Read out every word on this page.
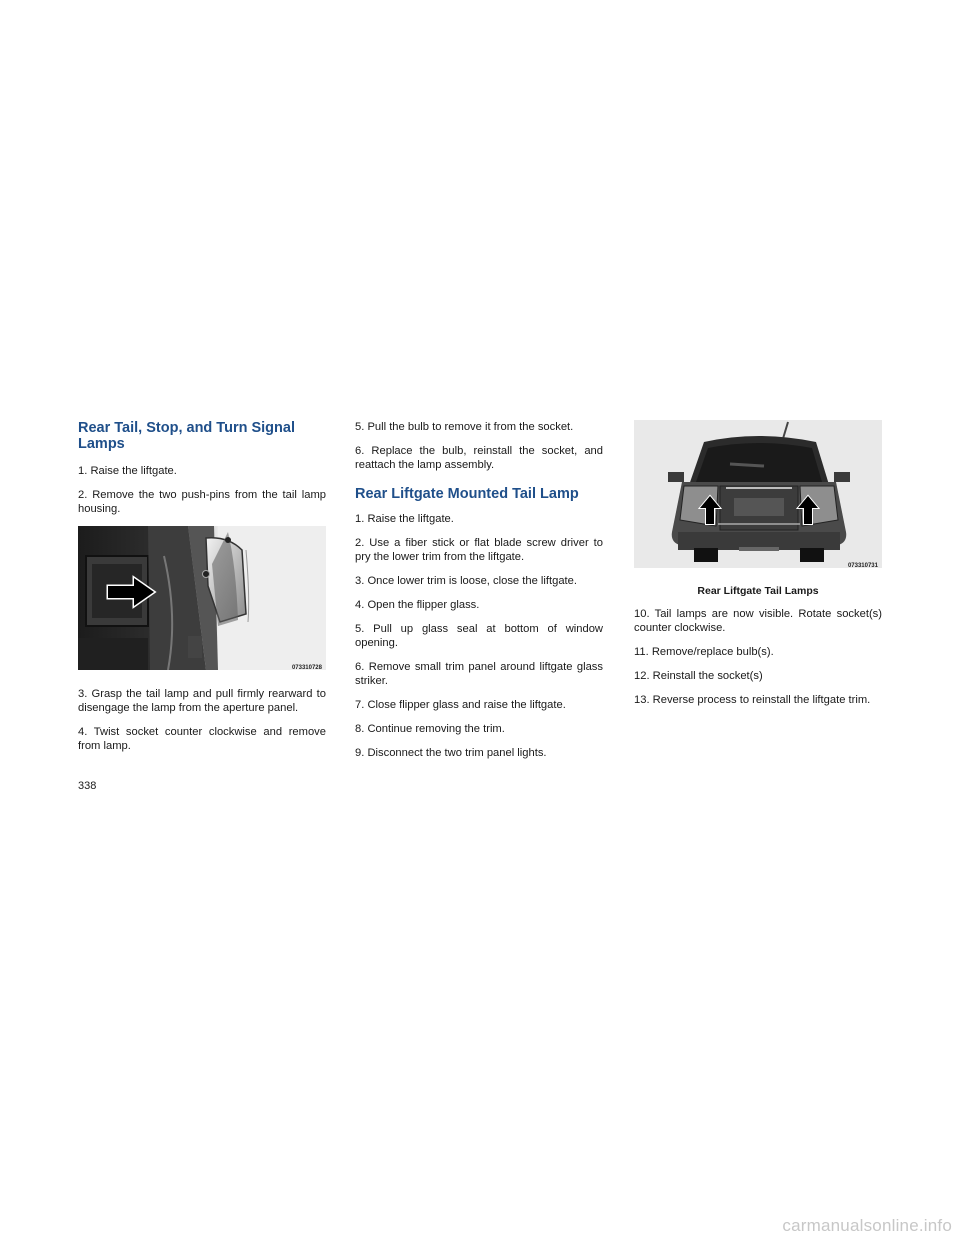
Rear Tail, Stop, and Turn Signal Lamps

1. Raise the liftgate.

2. Remove the two push-pins from the tail lamp housing.

073310728

3. Grasp the tail lamp and pull firmly rearward to disengage the lamp from the aperture panel.

4. Twist socket counter clockwise and remove from lamp.

5. Pull the bulb to remove it from the socket.

6. Replace the bulb, reinstall the socket, and reattach the lamp assembly.

Rear Liftgate Mounted Tail Lamp

1. Raise the liftgate.

2. Use a fiber stick or flat blade screw driver to pry the lower trim from the liftgate.

3. Once lower trim is loose, close the liftgate.

4. Open the flipper glass.

5. Pull up glass seal at bottom of window opening.

6. Remove small trim panel around liftgate glass striker.

7. Close flipper glass and raise the liftgate.

8. Continue removing the trim.

9. Disconnect the two trim panel lights.

073310731
Rear Liftgate Tail Lamps

10. Tail lamps are now visible. Rotate socket(s) counter clockwise.

11. Remove/replace bulb(s).

12. Reinstall the socket(s)

13. Reverse process to reinstall the liftgate trim.

338
carmanualsonline.info
